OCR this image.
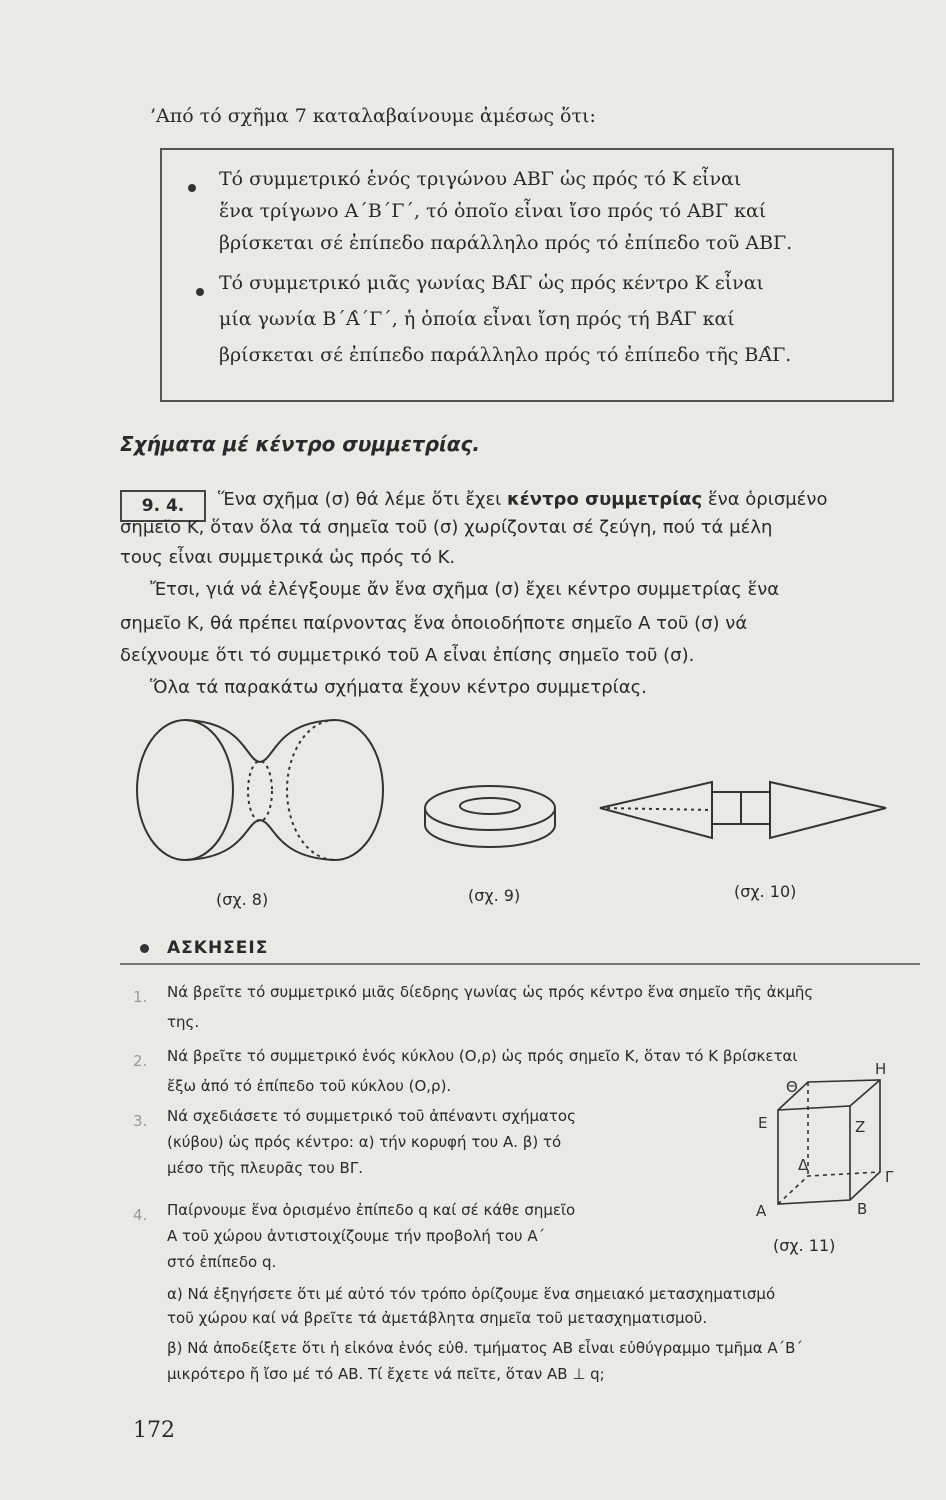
’Από τό σχῆμα 7 καταλαβαίνουμε ἀμέσως ὅτι:
Τό συμμετρικό ἑνός τριγώνου ΑΒΓ ὡς πρός τό Κ εἶναι
ἕνα τρίγωνο Α΄Β΄Γ΄, τό ὁποῖο εἶναι ἴσο πρός τό ΑΒΓ καί
βρίσκεται σέ ἐπίπεδο παράλληλο πρός τό ἐπίπεδο τοῦ ΑΒΓ.
Τό συμμετρικό μιᾶς γωνίας ΒΑ̂Γ ὡς πρός κέντρο Κ εἶναι
μία γωνία Β΄Α̂΄Γ΄, ἡ ὁποία εἶναι ἴση πρός τή ΒΑ̂Γ καί
βρίσκεται σέ ἐπίπεδο παράλληλο πρός τό ἐπίπεδο τῆς ΒΑ̂Γ.
Σχήματα μέ κέντρο συμμετρίας.
9. 4.	Ἕνα σχῆμα (σ) θά λέμε ὅτι ἔχει κέντρο συμμετρίας ἕνα ὁρισμένο
σημεῖο Κ, ὅταν ὅλα τά σημεῖα τοῦ (σ) χωρίζονται σέ ζεύγη, πού τά μέλη
τους εἶναι συμμετρικά ὡς πρός τό Κ.
Ἔτσι, γιά νά ἐλέγξουμε ἄν ἕνα σχῆμα (σ) ἔχει κέντρο συμμετρίας ἕνα
σημεῖο Κ, θά πρέπει παίρνοντας ἕνα ὁποιοδήποτε σημεῖο Α τοῦ (σ) νά
δείχνουμε ὅτι τό συμμετρικό τοῦ Α εἶναι ἐπίσης σημεῖο τοῦ (σ).
Ὅλα τά παρακάτω σχήματα ἔχουν κέντρο συμμετρίας.
(σχ. 8)	(σχ. 9)	(σχ. 10)
ΑΣΚΗΣΕΙΣ
1. Νά βρεῖτε τό συμμετρικό μιᾶς δίεδρης γωνίας ὡς πρός κέντρο ἕνα σημεῖο τῆς ἀκμῆς
της.
2. Νά βρεῖτε τό συμμετρικό ἑνός κύκλου (Ο,ρ) ὡς πρός σημεῖο Κ, ὅταν τό Κ βρίσκεται
ἔξω ἀπό τό ἐπίπεδο τοῦ κύκλου (Ο,ρ).
3. Νά σχεδιάσετε τό συμμετρικό τοῦ ἀπέναντι σχήματος
(κύβου) ὡς πρός κέντρο: α) τήν κορυφή του Α. β) τό
μέσο τῆς πλευρᾶς του ΒΓ.
4. Παίρνουμε ἕνα ὁρισμένο ἐπίπεδο q καί σέ κάθε σημεῖο
Α τοῦ χώρου ἀντιστοιχίζουμε τήν προβολή του Α΄
στό ἐπίπεδο q.
α) Νά ἐξηγήσετε ὅτι μέ αὐτό τόν τρόπο ὁρίζουμε ἕνα σημειακό μετασχηματισμό
τοῦ χώρου καί νά βρεῖτε τά ἀμετάβλητα σημεῖα τοῦ μετασχηματισμοῦ.
β) Νά ἀποδείξετε ὅτι ἡ εἰκόνα ἑνός εὐθ. τμήματος ΑΒ εἶναι εὐθύγραμμο τμῆμα Α΄Β΄
μικρότερο ἤ ἴσο μέ τό ΑΒ. Τί ἔχετε νά πεῖτε, ὅταν ΑΒ ⊥ q;
Θ
Η
Ε	Ζ
Δ
Γ
Α	Β
(σχ. 11)
172
